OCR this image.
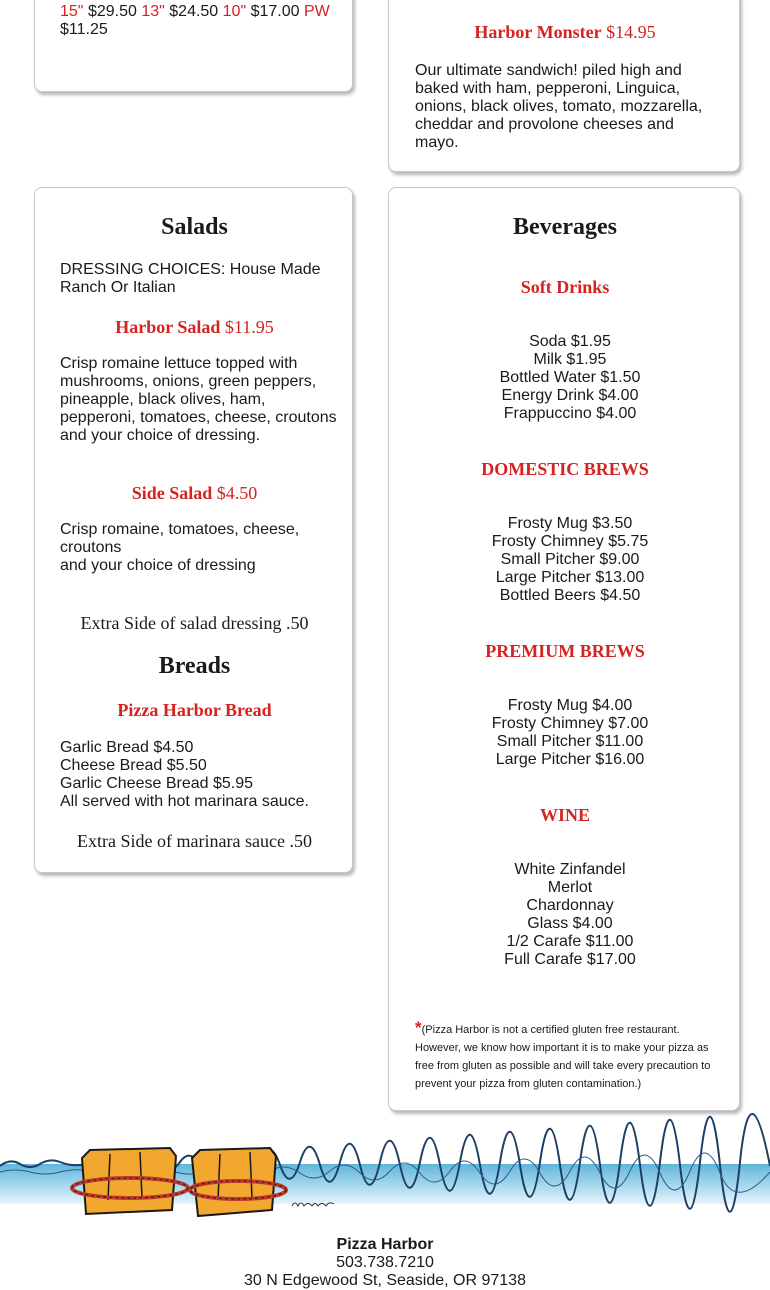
15" $29.50 13" $24.50 10" $17.00 PW $11.25	Harbor Monster $14.95
Our ultimate sandwich! piled high and baked with ham, pepperoni, Linguica, onions, black olives, tomato, mozzarella, cheddar and provolone cheeses and mayo.
Salads
DRESSING CHOICES: House Made Ranch Or Italian
Harbor Salad $11.95
Crisp romaine lettuce topped with mushrooms, onions, green peppers, pineapple, black olives, ham, pepperoni, tomatoes, cheese, croutons and your choice of dressing.
Side Salad $4.50
Crisp romaine, tomatoes, cheese, croutons
and your choice of dressing
Extra Side of salad dressing .50
Breads
Pizza Harbor Bread
Garlic Bread $4.50
Cheese Bread $5.50
Garlic Cheese Bread $5.95
All served with hot marinara sauce.
Extra Side of marinara sauce .50
Beverages
Soft Drinks
Soda $1.95
Milk $1.95
Bottled Water $1.50
Energy Drink $4.00
Frappuccino $4.00
DOMESTIC BREWS
Frosty Mug $3.50
Frosty Chimney $5.75
Small Pitcher $9.00
Large Pitcher $13.00
Bottled Beers $4.50
PREMIUM BREWS
Frosty Mug $4.00
Frosty Chimney $7.00
Small Pitcher $11.00
Large Pitcher $16.00
WINE
White Zinfandel
Merlot
Chardonnay
Glass $4.00
1/2 Carafe $11.00
Full Carafe $17.00
*(Pizza Harbor is not a certified gluten free restaurant. However, we know how important it is to make your pizza as free from gluten as possible and will take every precaution to prevent your pizza from gluten contamination.)
Pizza Harbor
503.738.7210
30 N Edgewood St, Seaside, OR 97138
